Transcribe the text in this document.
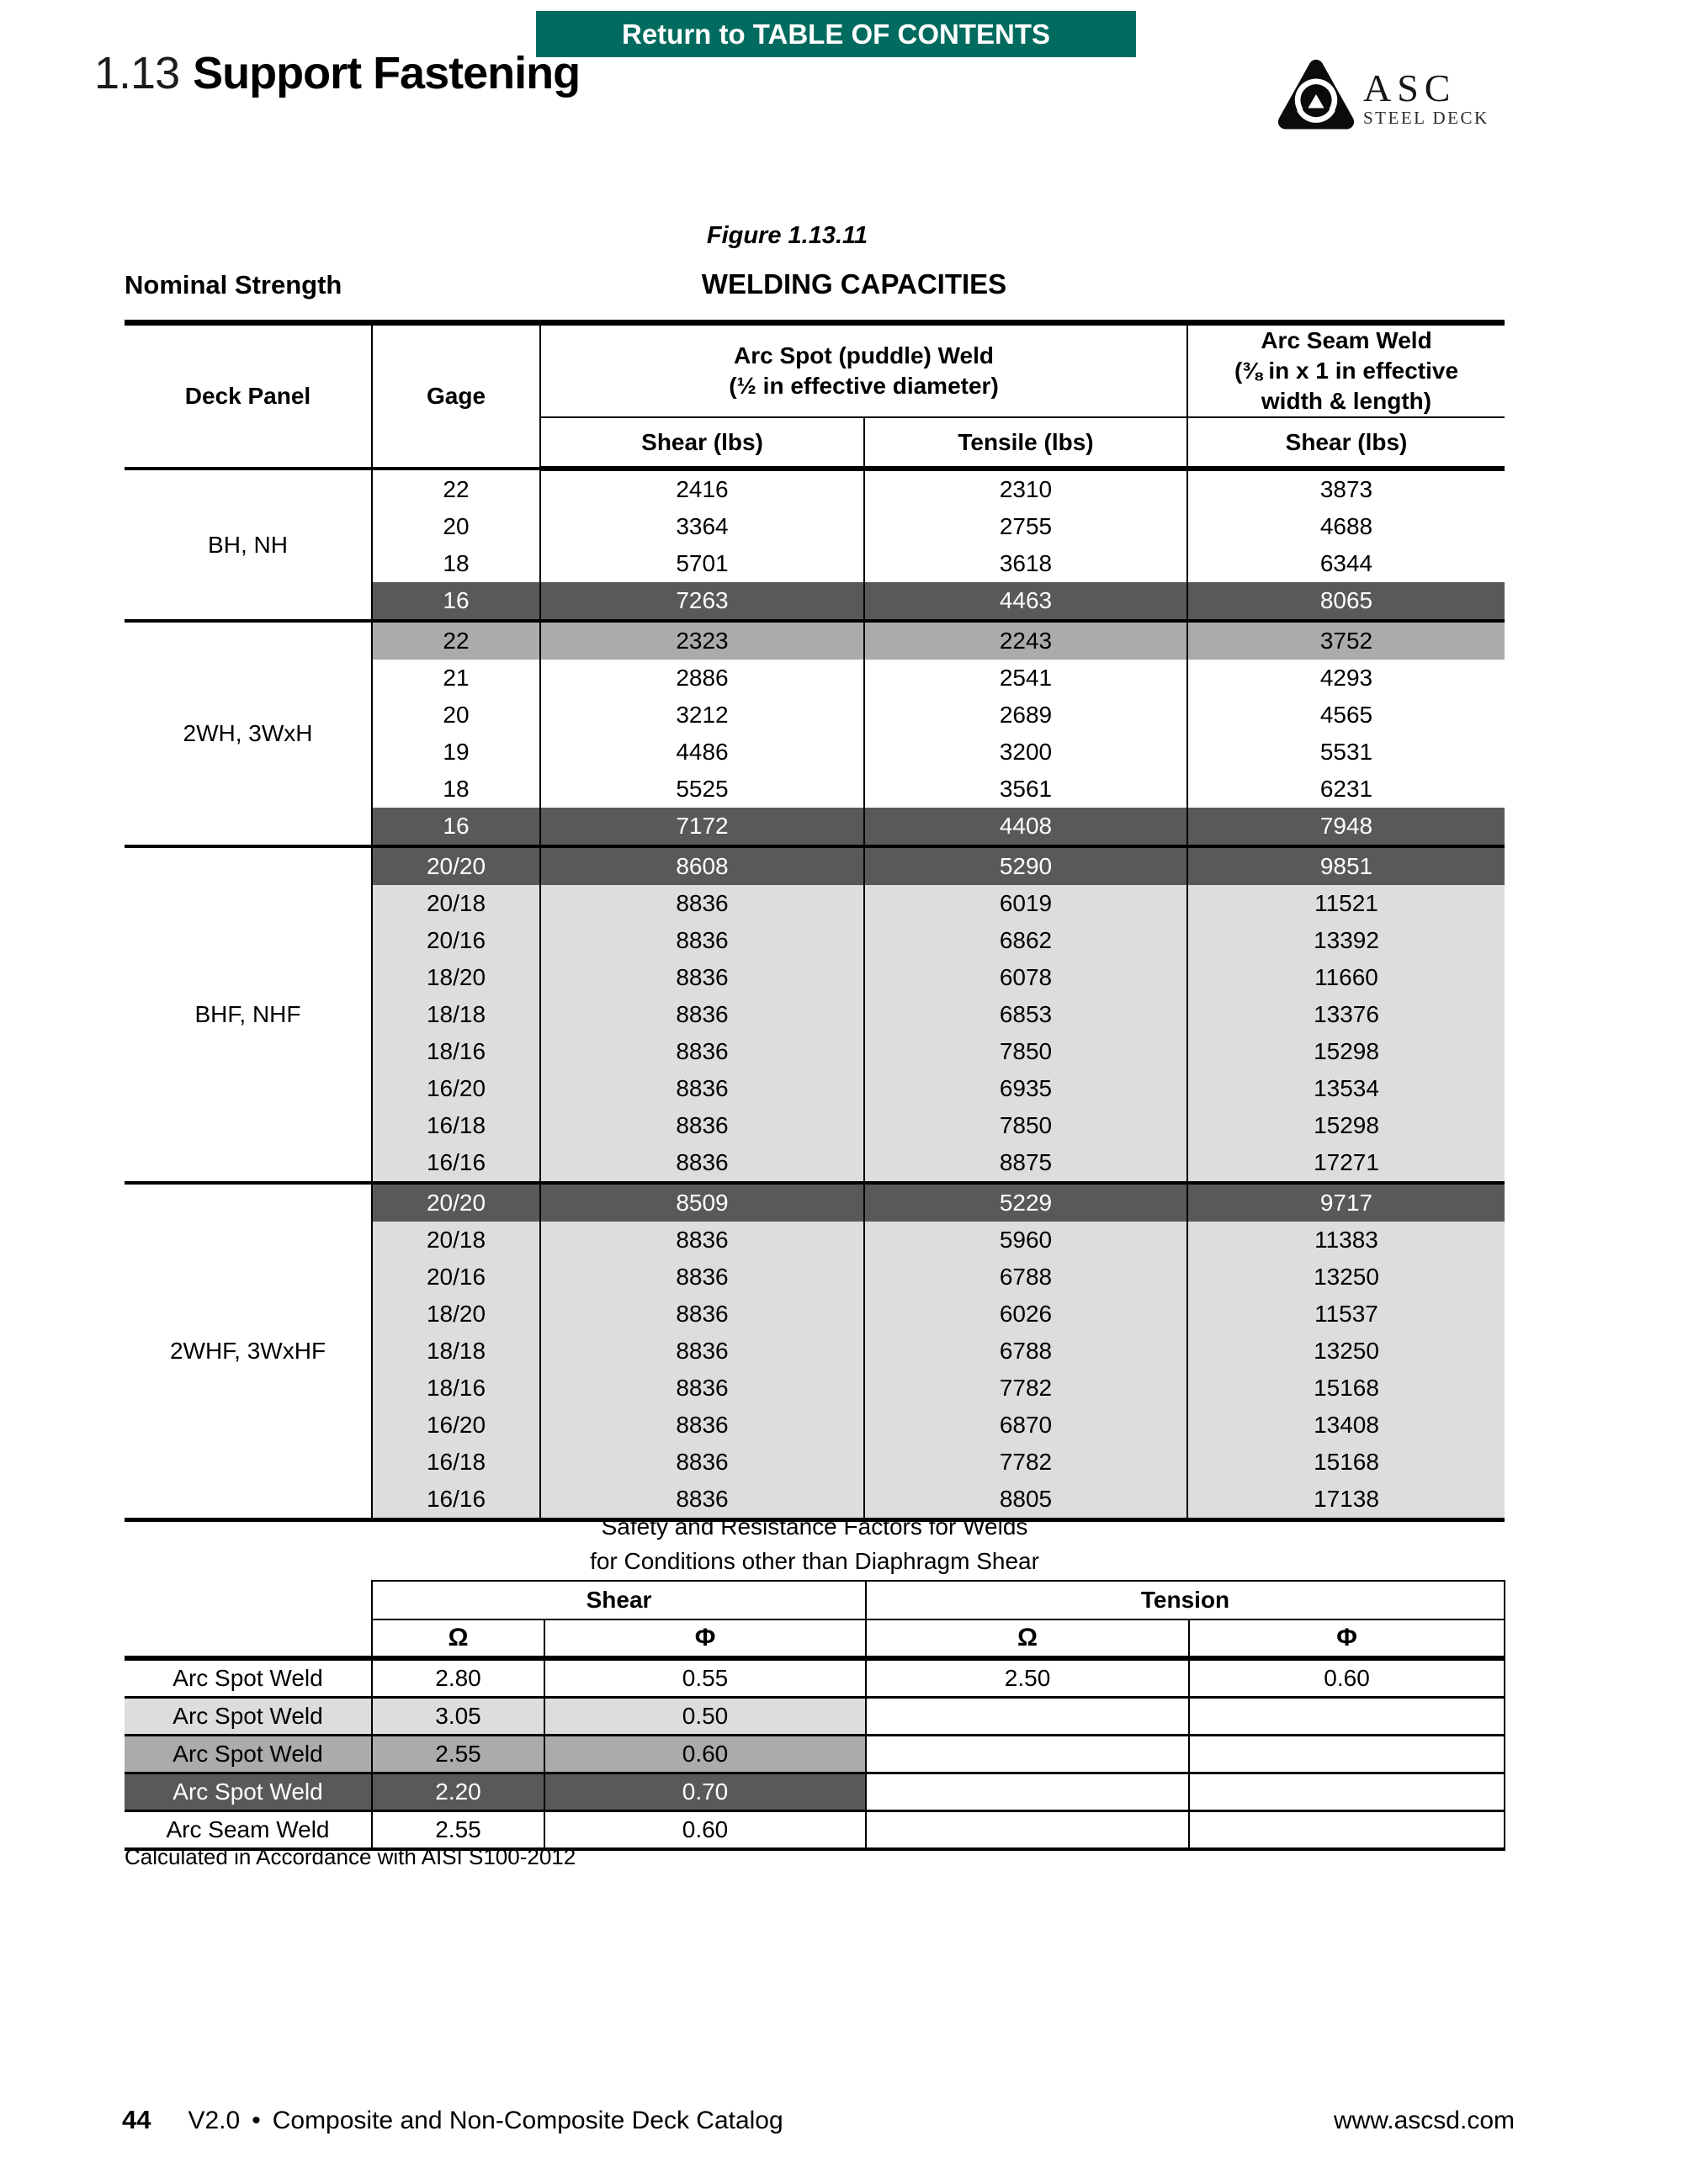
Return to TABLE OF CONTENTS
1.13 Support Fastening	ASC
STEEL DECK
Figure 1.13.11
Nominal Strength	WELDING CAPACITIES
Deck Panel	Gage	
Arc Spot (puddle) Weld
(½ in effective diameter)

Arc Seam Weld
(⅜ in x 1 in effective
width & length)

		Shear (lbs)	Tensile (lbs)	Shear (lbs)
BH, NH	22	2416	2310	3873
	20	3364	2755	4688
	18	5701	3618	6344
	16	7263	4463	8065
2WH, 3WxH	22	2323	2243	3752
	21	2886	2541	4293
	20	3212	2689	4565
	19	4486	3200	5531
	18	5525	3561	6231
	16	7172	4408	7948
BHF, NHF	20/20	8608	5290	9851
	20/18	8836	6019	11521
	20/16	8836	6862	13392
	18/20	8836	6078	11660
	18/18	8836	6853	13376
	18/16	8836	7850	15298
	16/20	8836	6935	13534
	16/18	8836	7850	15298
	16/16	8836	8875	17271
2WHF, 3WxHF	20/20	8509	5229	9717
	20/18	8836	5960	11383
	20/16	8836	6788	13250
	18/20	8836	6026	11537
	18/18	8836	6788	13250
	18/16	8836	7782	15168
	16/20	8836	6870	13408
	16/18	8836	7782	15168
	16/16	8836	8805	17138
Safety and Resistance Factors for Welds
for Conditions other than Diaphragm Shear
	Shear		Tension	
	Ω	Φ	Ω	Φ
Arc Spot Weld	2.80	0.55	2.50	0.60
Arc Spot Weld	3.05	0.50		
Arc Spot Weld	2.55	0.60		
Arc Spot Weld	2.20	0.70		
Arc Seam Weld	2.55	0.60		
Calculated in Accordance with AISI S100-2012
44 V2.0 • Composite and Non-Composite Deck Catalog	www.ascsd.com
